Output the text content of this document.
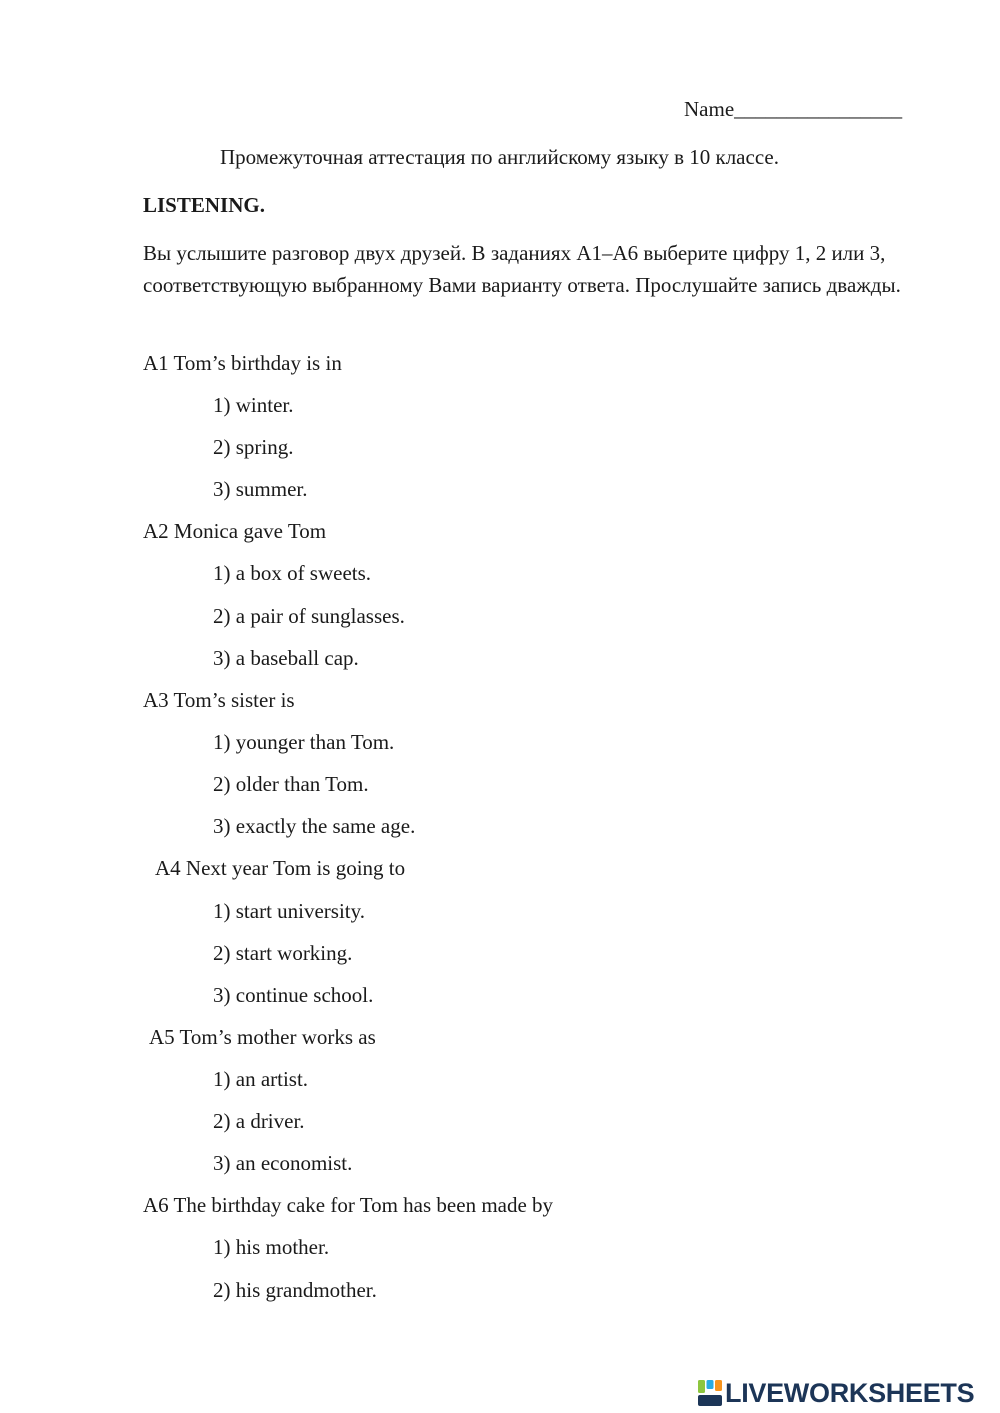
Name________________
Промежуточная аттестация по английскому языку в 10 классе.
LISTENING.
Вы услышите разговор двух друзей. В заданиях А1–А6 выберите цифру 1, 2 или 3, соответствующую выбранному Вами варианту ответа. Прослушайте запись дважды.
A1 Tom’s birthday is in
1) winter.
2) spring.
3) summer.
A2 Monica gave Tom
1) a box of sweets.
2) a pair of sunglasses.
3) a baseball cap.
A3 Tom’s sister is
1) younger than Tom.
2) older than Tom.
3) exactly the same age.
A4 Next year Tom is going to
1) start university.
2) start working.
3) continue school.
A5 Tom’s mother works as
1) an artist.
2) a driver.
3) an economist.
A6 The birthday cake for Tom has been made by
1) his mother.
2) his grandmother.
LIVEWORKSHEETS
